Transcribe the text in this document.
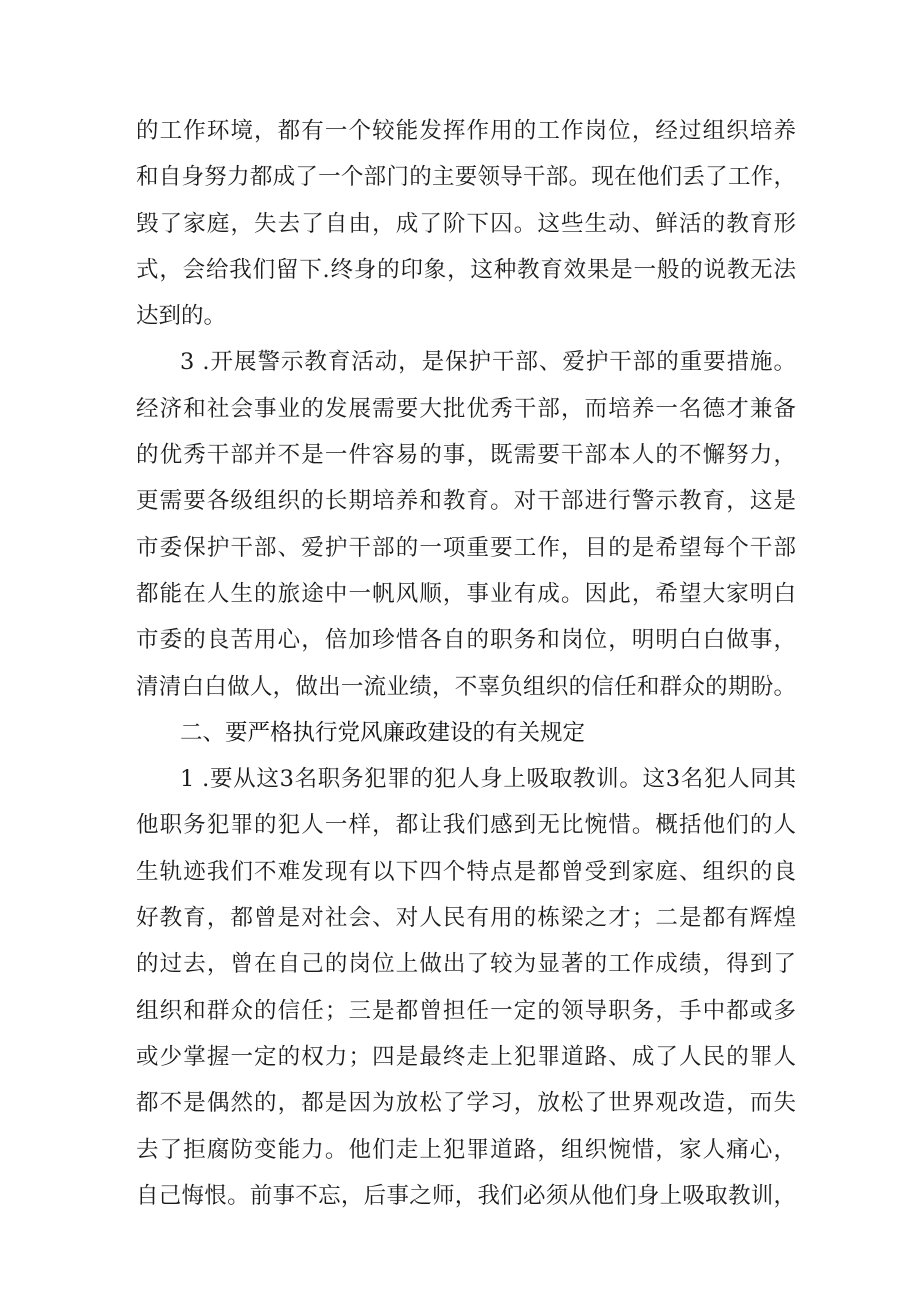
的工作环境，都有一个较能发挥作用的工作岗位，经过组织培养
和自身努力都成了一个部门的主要领导干部。现在他们丢了工作，
毁了家庭，失去了自由，成了阶下囚。这些生动、鲜活的教育形
式，会给我们留下.终身的印象，这种教育效果是一般的说教无法
达到的。
3 .开展警示教育活动，是保护干部、爱护干部的重要措施。
经济和社会事业的发展需要大批优秀干部，而培养一名德才兼备
的优秀干部并不是一件容易的事，既需要干部本人的不懈努力，
更需要各级组织的长期培养和教育。对干部进行警示教育，这是
市委保护干部、爱护干部的一项重要工作，目的是希望每个干部
都能在人生的旅途中一帆风顺，事业有成。因此，希望大家明白
市委的良苦用心，倍加珍惜各自的职务和岗位，明明白白做事，
清清白白做人，做出一流业绩，不辜负组织的信任和群众的期盼。
二、要严格执行党风廉政建设的有关规定
1 .要从这3名职务犯罪的犯人身上吸取教训。这3名犯人同其
他职务犯罪的犯人一样，都让我们感到无比惋惜。概括他们的人
生轨迹我们不难发现有以下四个特点是都曾受到家庭、组织的良
好教育，都曾是对社会、对人民有用的栋梁之才；二是都有辉煌
的过去，曾在自己的岗位上做出了较为显著的工作成绩，得到了
组织和群众的信任；三是都曾担任一定的领导职务，手中都或多
或少掌握一定的权力；四是最终走上犯罪道路、成了人民的罪人
都不是偶然的，都是因为放松了学习，放松了世界观改造，而失
去了拒腐防变能力。他们走上犯罪道路，组织惋惜，家人痛心，
自己悔恨。前事不忘，后事之师，我们必须从他们身上吸取教训，
